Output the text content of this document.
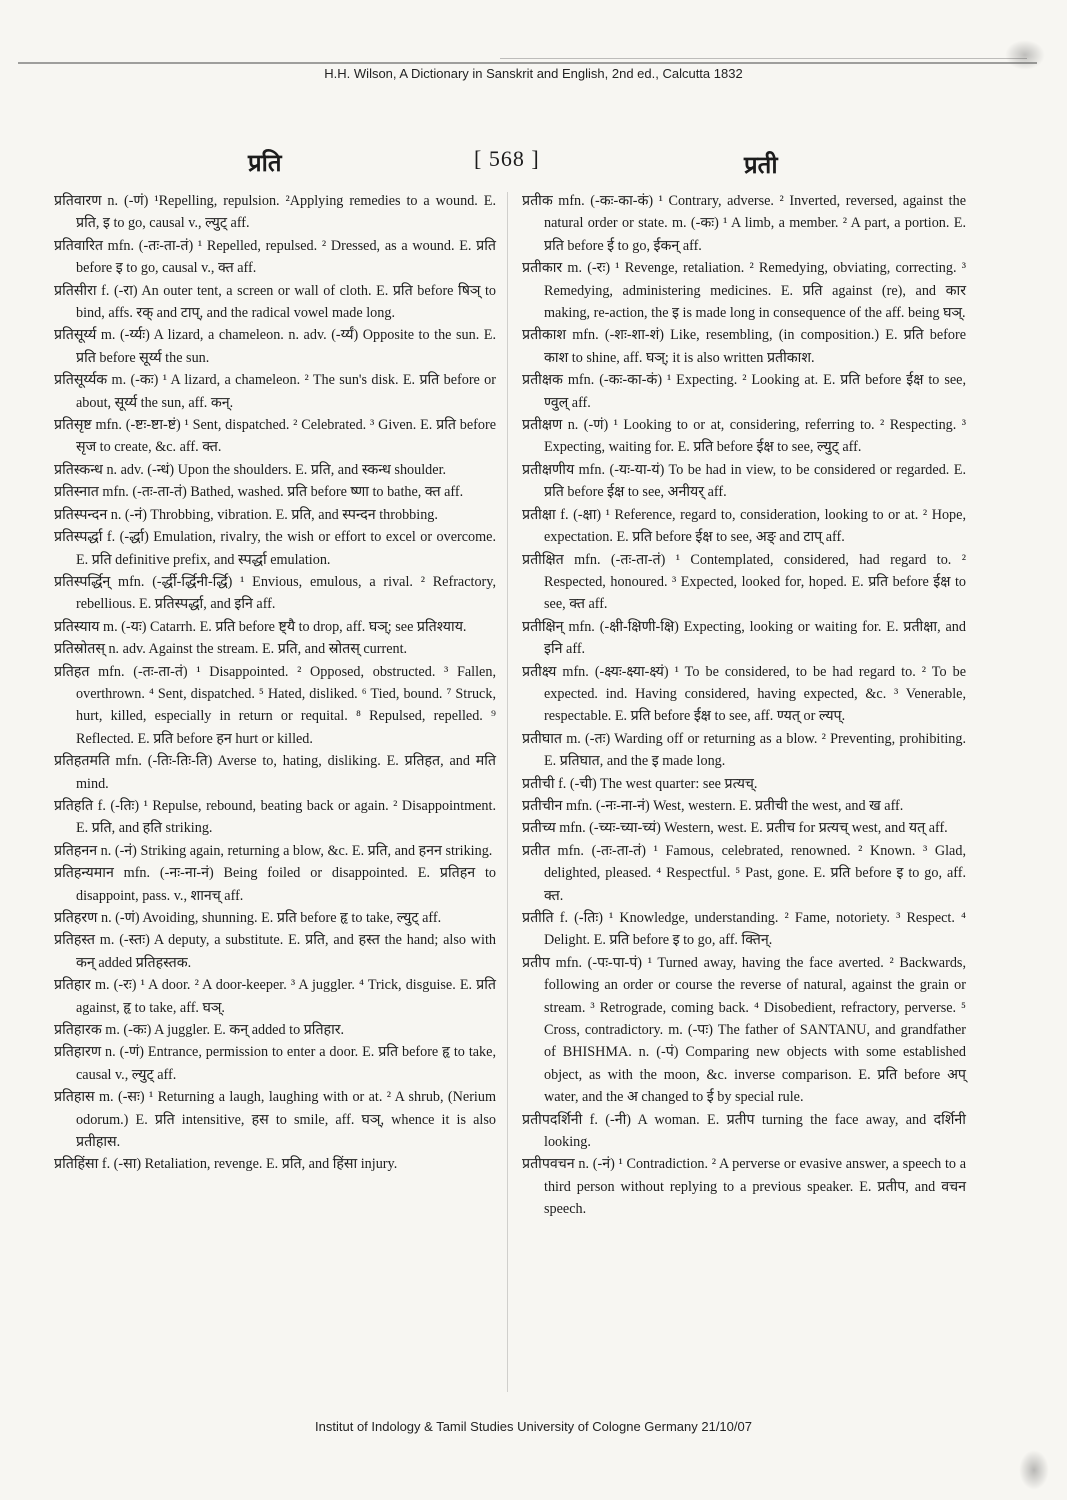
H.H. Wilson, A Dictionary in Sanskrit and English, 2nd ed., Calcutta 1832
प्रति	[ 568 ]	प्रती

प्रतिवारण n. (-णं) ¹Repelling, repulsion. ²Applying remedies to a wound. E. प्रति, इ to go, causal v., ल्युट् aff.

प्रतिवारित mfn. (-तः-ता-तं) ¹ Repelled, repulsed. ² Dressed, as a wound. E. प्रति before इ to go, causal v., क्त aff.

प्रतिसीरा f. (-रा) An outer tent, a screen or wall of cloth. E. प्रति before षिञ् to bind, affs. रक् and टाप्, and the radical vowel made long.

प्रतिसूर्य्य m. (-र्य्यः) A lizard, a chameleon. n. adv. (-र्य्यं) Opposite to the sun. E. प्रति before सूर्य्य the sun.

प्रतिसूर्य्यक m. (-कः) ¹ A lizard, a chameleon. ² The sun's disk. E. प्रति before or about, सूर्य्य the sun, aff. कन्.

प्रतिसृष्ट mfn. (-ष्टः-ष्टा-ष्टं) ¹ Sent, dispatched. ² Celebrated. ³ Given. E. प्रति before सृज to create, &c. aff. क्त.

प्रतिस्कन्ध n. adv. (-न्धं) Upon the shoulders. E. प्रति, and स्कन्ध shoulder.

प्रतिस्नात mfn. (-तः-ता-तं) Bathed, washed. प्रति before ष्णा to bathe, क्त aff.

प्रतिस्पन्दन n. (-नं) Throbbing, vibration. E. प्रति, and स्पन्दन throbbing.

प्रतिस्पर्द्धा f. (-र्द्धा) Emulation, rivalry, the wish or effort to excel or overcome. E. प्रति definitive prefix, and स्पर्द्धा emulation.

प्रतिस्पर्द्धिन् mfn. (-र्द्धी-र्द्धिनी-र्द्धि) ¹ Envious, emulous, a rival. ² Refractory, rebellious. E. प्रतिस्पर्द्धा, and इनि aff.

प्रतिस्याय m. (-यः) Catarrh. E. प्रति before ष्ट्यै to drop, aff. घञ्; see प्रतिश्याय.

प्रतिस्रोतस् n. adv. Against the stream. E. प्रति, and स्रोतस् current.

प्रतिहत mfn. (-तः-ता-तं) ¹ Disappointed. ² Opposed, obstructed. ³ Fallen, overthrown. ⁴ Sent, dispatched. ⁵ Hated, disliked. ⁶ Tied, bound. ⁷ Struck, hurt, killed, especially in return or requital. ⁸ Repulsed, repelled. ⁹ Reflected. E. प्रति before हन hurt or killed.

प्रतिहतमति mfn. (-तिः-तिः-ति) Averse to, hating, disliking. E. प्रतिहत, and मति mind.

प्रतिहति f. (-तिः) ¹ Repulse, rebound, beating back or again. ² Disappointment. E. प्रति, and हति striking.

प्रतिहनन n. (-नं) Striking again, returning a blow, &c. E. प्रति, and हनन striking.

प्रतिहन्यमान mfn. (-नः-ना-नं) Being foiled or disappointed. E. प्रतिहन to disappoint, pass. v., शानच् aff.

प्रतिहरण n. (-णं) Avoiding, shunning. E. प्रति before हृ to take, ल्युट् aff.

प्रतिहस्त m. (-स्तः) A deputy, a substitute. E. प्रति, and हस्त the hand; also with कन् added प्रतिहस्तक.

प्रतिहार m. (-रः) ¹ A door. ² A door-keeper. ³ A juggler. ⁴ Trick, disguise. E. प्रति against, हृ to take, aff. घञ्.

प्रतिहारक m. (-कः) A juggler. E. कन् added to प्रतिहार.

प्रतिहारण n. (-णं) Entrance, permission to enter a door. E. प्रति before हृ to take, causal v., ल्युट् aff.

प्रतिहास m. (-सः) ¹ Returning a laugh, laughing with or at. ² A shrub, (Nerium odorum.) E. प्रति intensitive, हस to smile, aff. घञ्, whence it is also प्रतीहास.

प्रतिहिंसा f. (-सा) Retaliation, revenge. E. प्रति, and हिंसा injury.

प्रतीक mfn. (-कः-का-कं) ¹ Contrary, adverse. ² Inverted, reversed, against the natural order or state. m. (-कः) ¹ A limb, a member. ² A part, a portion. E. प्रति before ई to go, ईकन् aff.

प्रतीकार m. (-रः) ¹ Revenge, retaliation. ² Remedying, obviating, correcting. ³ Remedying, administering medicines. E. प्रति against (re), and कार making, re-action, the इ is made long in consequence of the aff. being घञ्.

प्रतीकाश mfn. (-शः-शा-शं) Like, resembling, (in composition.) E. प्रति before काश to shine, aff. घञ्; it is also written प्रतीकाश.

प्रतीक्षक mfn. (-कः-का-कं) ¹ Expecting. ² Looking at. E. प्रति before ईक्ष to see, ण्वुल् aff.

प्रतीक्षण n. (-णं) ¹ Looking to or at, considering, referring to. ² Respecting. ³ Expecting, waiting for. E. प्रति before ईक्ष to see, ल्युट् aff.

प्रतीक्षणीय mfn. (-यः-या-यं) To be had in view, to be considered or regarded. E. प्रति before ईक्ष to see, अनीयर् aff.

प्रतीक्षा f. (-क्षा) ¹ Reference, regard to, consideration, looking to or at. ² Hope, expectation. E. प्रति before ईक्ष to see, अङ् and टाप् aff.

प्रतीक्षित mfn. (-तः-ता-तं) ¹ Contemplated, considered, had regard to. ² Respected, honoured. ³ Expected, looked for, hoped. E. प्रति before ईक्ष to see, क्त aff.

प्रतीक्षिन् mfn. (-क्षी-क्षिणी-क्षि) Expecting, looking or waiting for. E. प्रतीक्षा, and इनि aff.

प्रतीक्ष्य mfn. (-क्ष्यः-क्ष्या-क्ष्यं) ¹ To be considered, to be had regard to. ² To be expected. ind. Having considered, having expected, &c. ³ Venerable, respectable. E. प्रति before ईक्ष to see, aff. ण्यत् or ल्यप्.

प्रतीघात m. (-तः) Warding off or returning as a blow. ² Preventing, prohibiting. E. प्रतिघात, and the इ made long.

प्रतीची f. (-ची) The west quarter: see प्रत्यच्.

प्रतीचीन mfn. (-नः-ना-नं) West, western. E. प्रतीची the west, and ख aff.

प्रतीच्य mfn. (-च्यः-च्या-च्यं) Western, west. E. प्रतीच for प्रत्यच् west, and यत् aff.

प्रतीत mfn. (-तः-ता-तं) ¹ Famous, celebrated, renowned. ² Known. ³ Glad, delighted, pleased. ⁴ Respectful. ⁵ Past, gone. E. प्रति before इ to go, aff. क्त.

प्रतीति f. (-तिः) ¹ Knowledge, understanding. ² Fame, notoriety. ³ Respect. ⁴ Delight. E. प्रति before इ to go, aff. क्तिन्.

प्रतीप mfn. (-पः-पा-पं) ¹ Turned away, having the face averted. ² Backwards, following an order or course the reverse of natural, against the grain or stream. ³ Retrograde, coming back. ⁴ Disobedient, refractory, perverse. ⁵ Cross, contradictory. m. (-पः) The father of SANTANU, and grandfather of BHISHMA. n. (-पं) Comparing new objects with some established object, as with the moon, &c. inverse comparison. E. प्रति before अप् water, and the अ changed to ई by special rule.

प्रतीपदर्शिनी f. (-नी) A woman. E. प्रतीप turning the face away, and दर्शिनी looking.

प्रतीपवचन n. (-नं) ¹ Contradiction. ² A perverse or evasive answer, a speech to a third person without replying to a previous speaker. E. प्रतीप, and वचन speech.

Institut of Indology & Tamil Studies University of Cologne Germany 21/10/07
